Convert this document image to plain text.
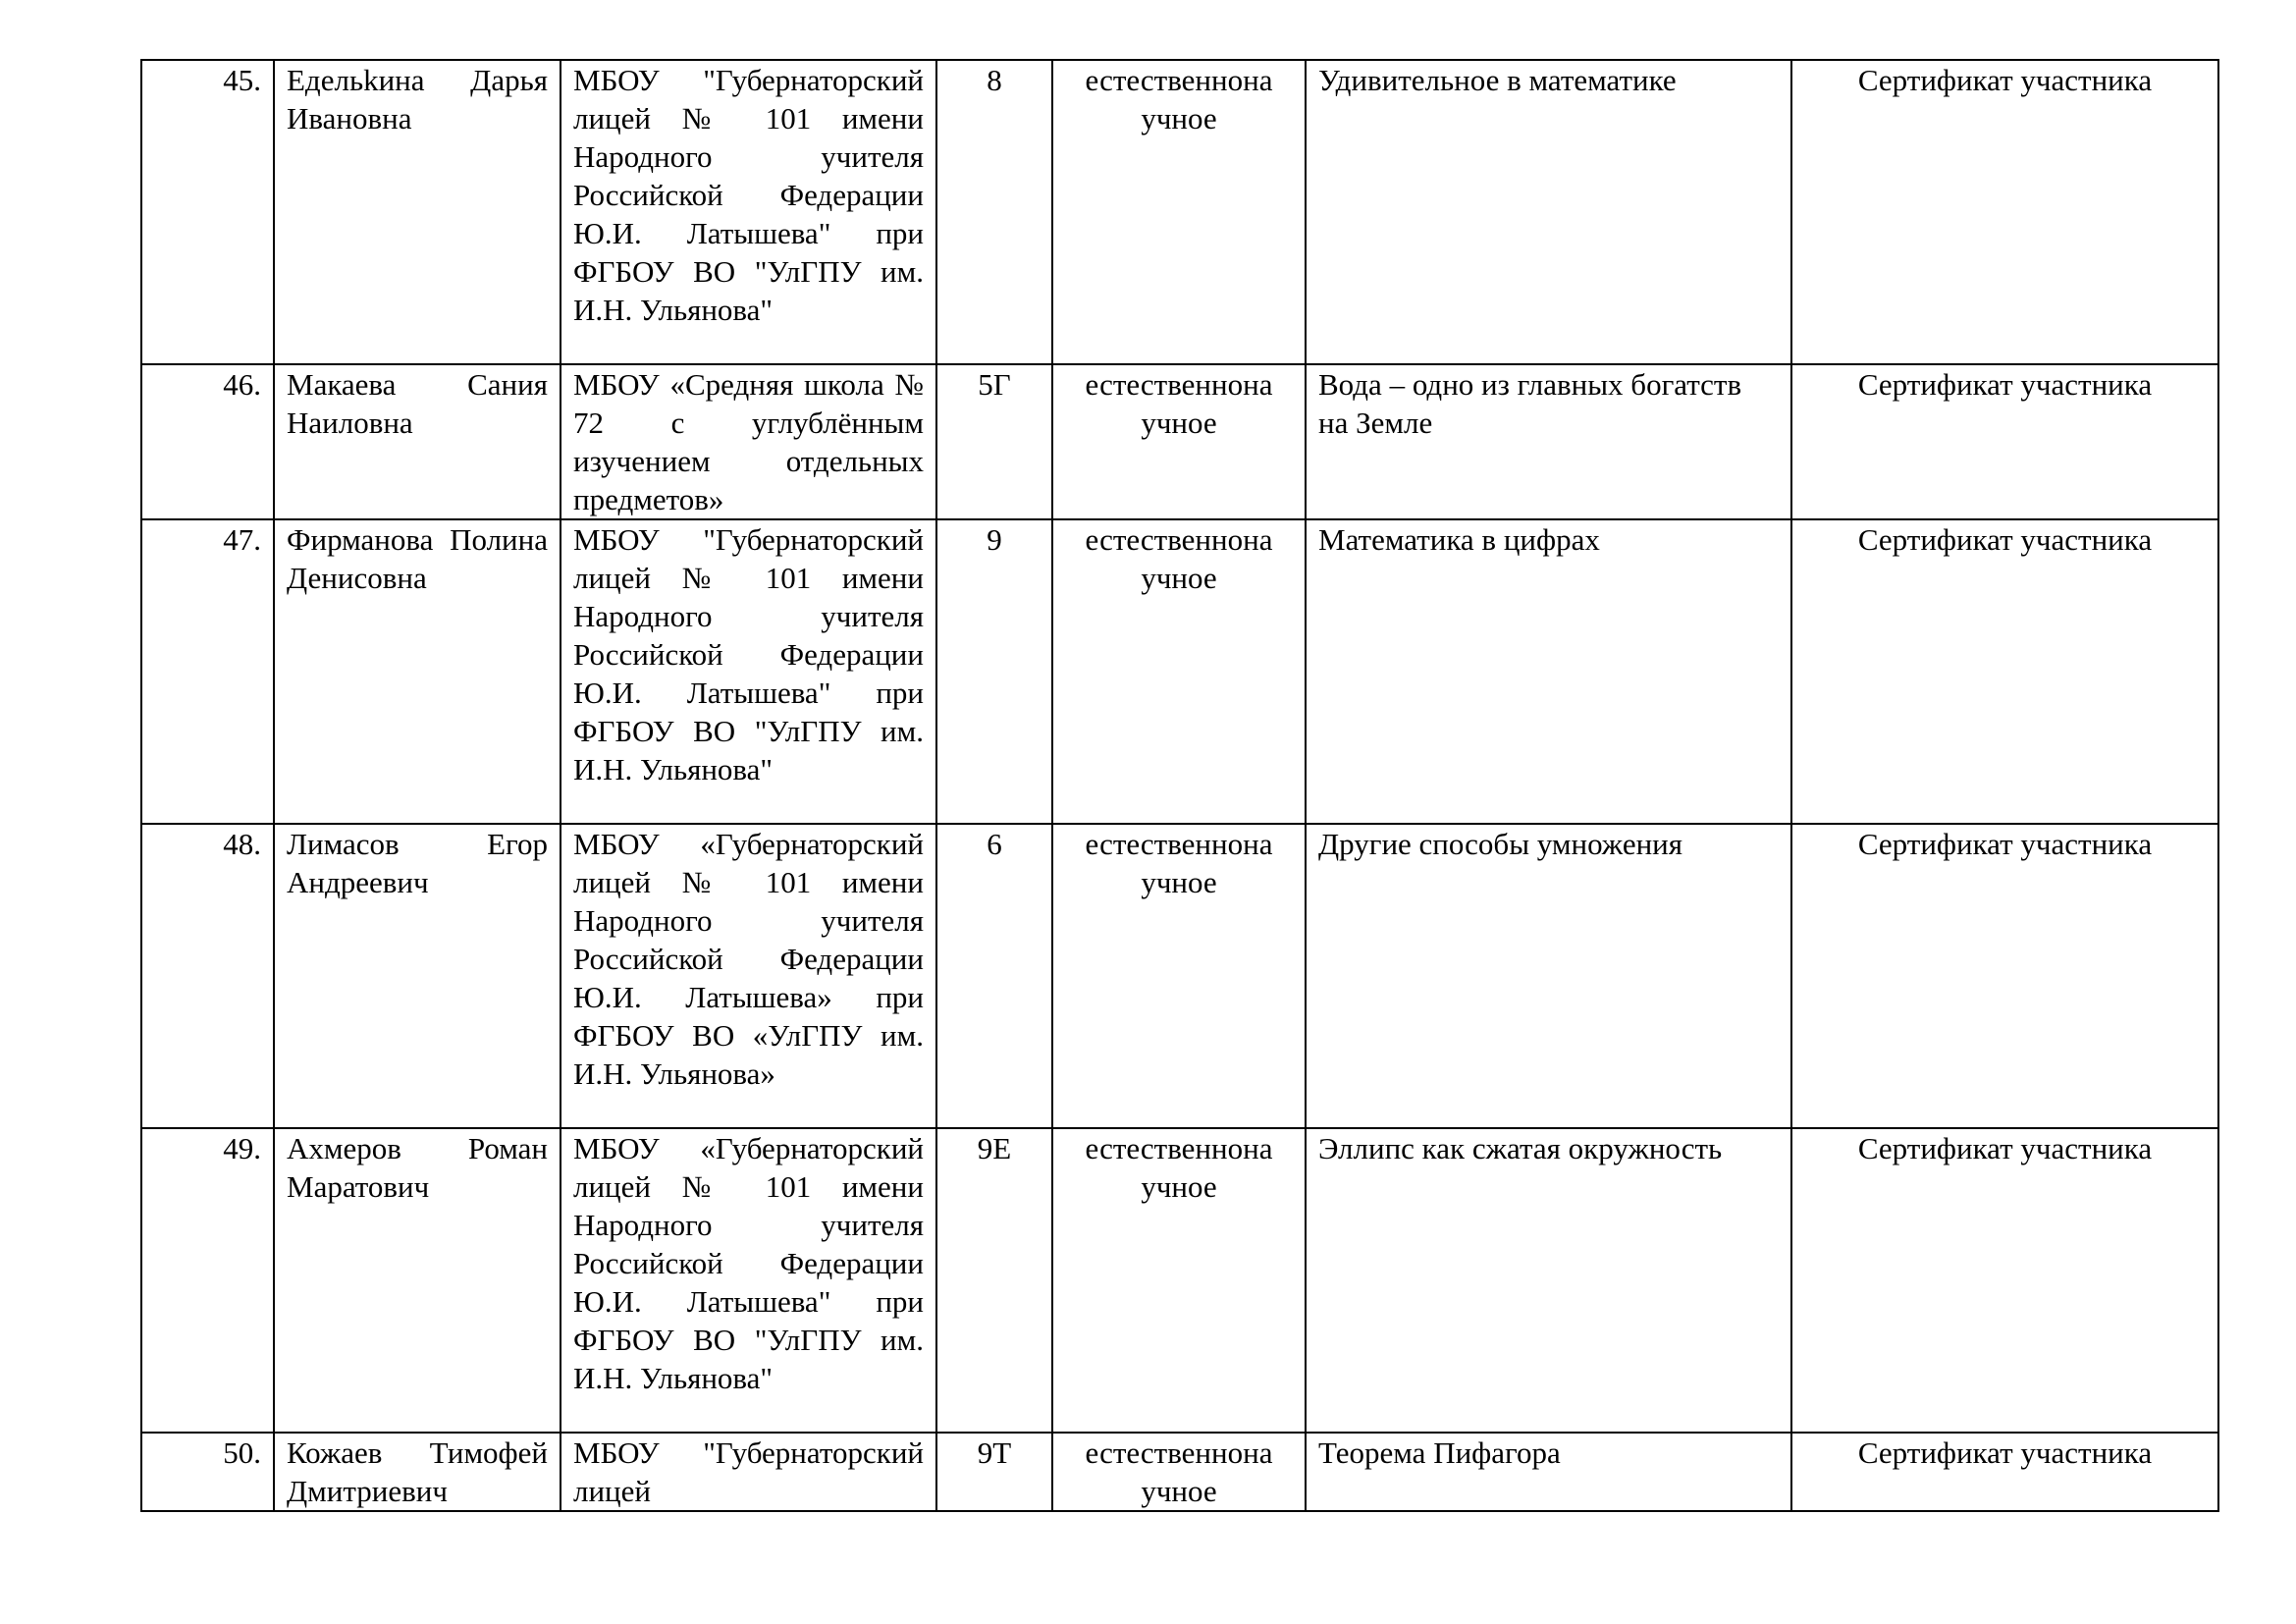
45.	Едельkина Дарья Ивановна	МБОУ "Губернаторский лицей № 101 имени Народного учителя Российской Федерации Ю.И. Латышева" при ФГБОУ ВО "УлГПУ им. И.Н. Ульянова"	8	естественнона учное	Удивительное в математике	Сертификат участника
46.	Макаева Сания Наиловна	МБОУ «Средняя школа № 72 с углублённым изучением отдельных предметов»	5Г	естественнона учное	Вода – одно из главных богатств на Земле	Сертификат участника
47.	Фирманова Полина Денисовна	МБОУ "Губернаторский лицей № 101 имени Народного учителя Российской Федерации Ю.И. Латышева" при ФГБОУ ВО "УлГПУ им. И.Н. Ульянова"	9	естественнона учное	Математика в цифрах	Сертификат участника
48.	Лимасов Егор Андреевич	МБОУ «Губернаторский лицей № 101 имени Народного учителя Российской Федерации Ю.И. Латышева» при ФГБОУ ВО «УлГПУ им. И.Н. Ульянова»	6	естественнона учное	Другие способы умножения	Сертификат участника
49.	Ахмеров Роман Маратович	МБОУ «Губернаторский лицей № 101 имени Народного учителя Российской Федерации Ю.И. Латышева" при ФГБОУ ВО "УлГПУ им. И.Н. Ульянова"	9Е	естественнона учное	Эллипс как сжатая окружность	Сертификат участника
50.	Кожаев Тимофей Дмитриевич	МБОУ "Губернаторский лицей	9Т	естественнона учное	Теорема Пифагора	Сертификат участника
